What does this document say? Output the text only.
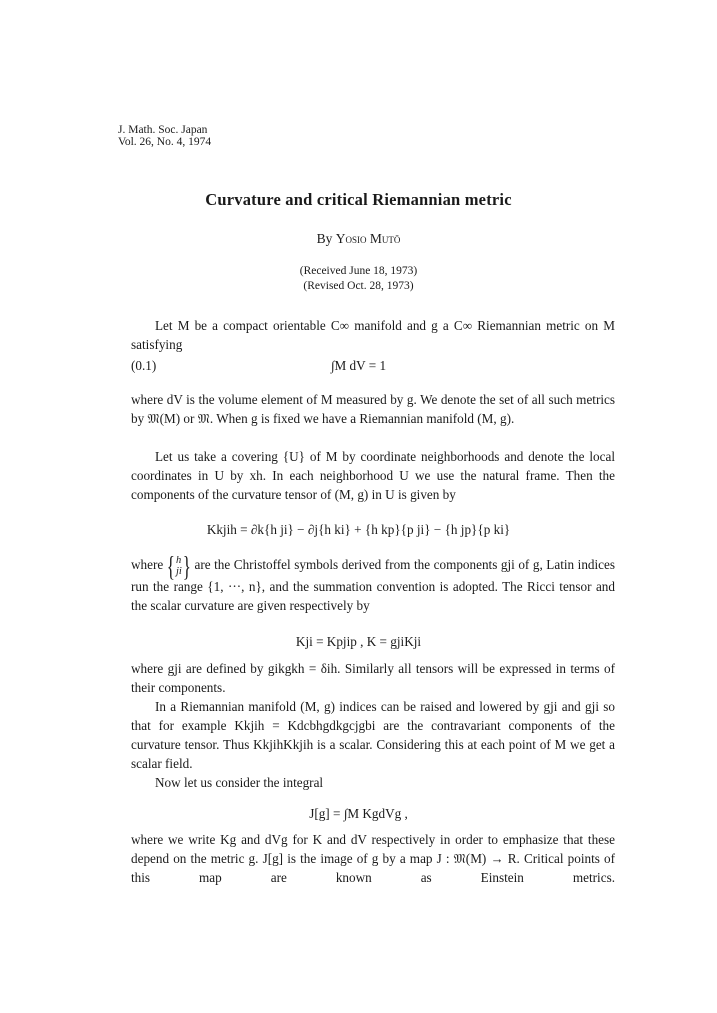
J. Math. Soc. Japan
Vol. 26, No. 4, 1974
Curvature and critical Riemannian metric
By Yosio Mutō
(Received June 18, 1973)
(Revised Oct. 28, 1973)

Let M be a compact orientable C∞ manifold and g a C∞ Riemannian metric on M satisfying

(0.1)	∫M dV = 1

where dV is the volume element of M measured by g. We denote the set of all such metrics by 𝔐(M) or 𝔐. When g is fixed we have a Riemannian manifold (M, g).

Let us take a covering {U} of M by coordinate neighborhoods and denote the local coordinates in U by xh. In each neighborhood U we use the natural frame. Then the components of the curvature tensor of (M, g) in U is given by

Kkjih = ∂k{h ji} − ∂j{h ki} + {h kp}{p ji} − {h jp}{p ki}

where { h
ji } are the Christoffel symbols derived from the components gji of g, Latin indices run the range {1, ···, n}, and the summation convention is adopted. The Ricci tensor and the scalar curvature are given respectively by

Kji = Kpjip , K = gjiKji

where gji are defined by gikgkh = δih. Similarly all tensors will be expressed in terms of their components.

In a Riemannian manifold (M, g) indices can be raised and lowered by gji and gji so that for example Kkjih = Kdcbhgdkgcjgbi are the contravariant components of the curvature tensor. Thus KkjihKkjih is a scalar. Considering this at each point of M we get a scalar field.

Now let us consider the integral

J[g] = ∫M KgdVg ,

where we write Kg and dVg for K and dV respectively in order to emphasize that these depend on the metric g. J[g] is the image of g by a map J : 𝔐(M) → R. Critical points of this map are known as Einstein metrics.
